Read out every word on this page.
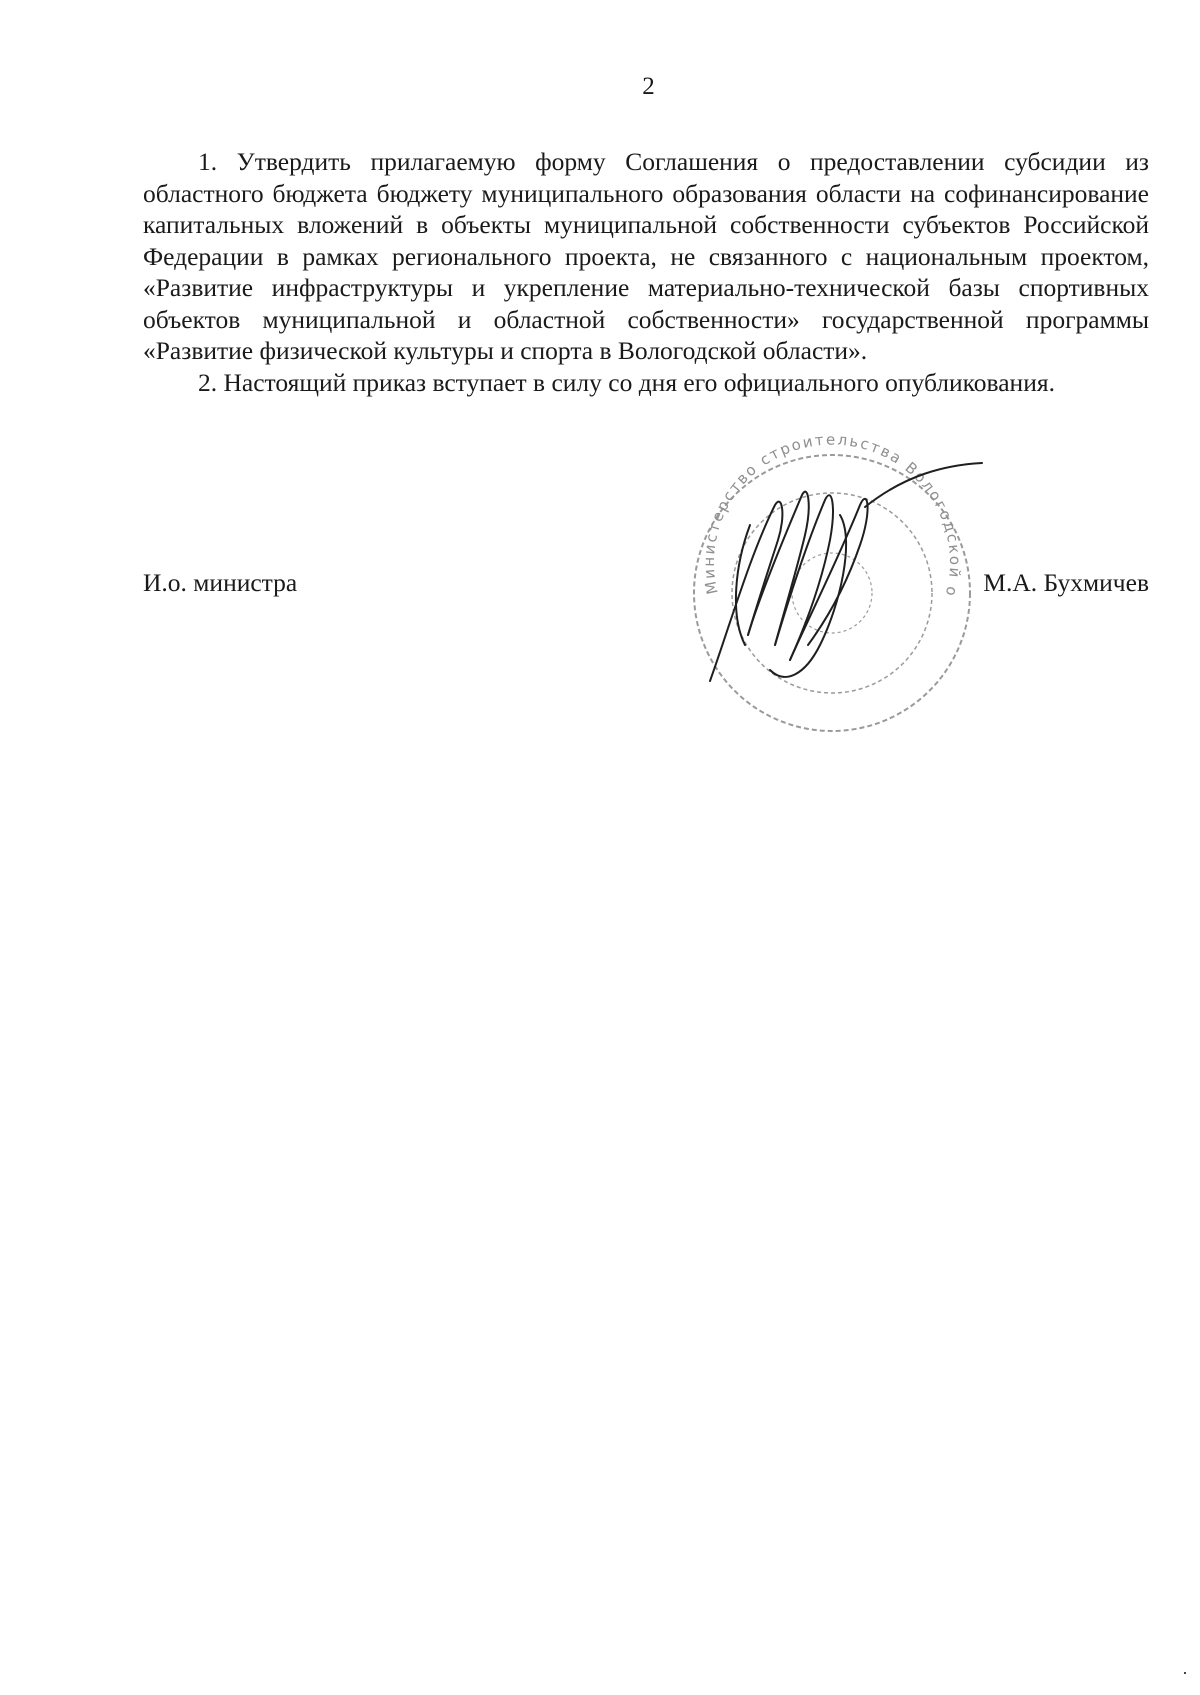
2

1. Утвердить прилагаемую форму Соглашения о предоставлении субсидии из областного бюджета бюджету муниципального образования области на софинансирование капитальных вложений в объекты муниципальной собственности субъектов Российской Федерации в рамках регионального проекта, не связанного с национальным проектом, «Развитие инфраструктуры и укрепление материально-технической базы спортивных объектов муниципальной и областной собственности» государственной программы «Развитие физической культуры и спорта в Вологодской области».

2. Настоящий приказ вступает в силу со дня его официального опубликования.

Министерство строительства Вологодской области ИНН 3525 КПП 3525
И.о. министра	М.А. Бухмичев
